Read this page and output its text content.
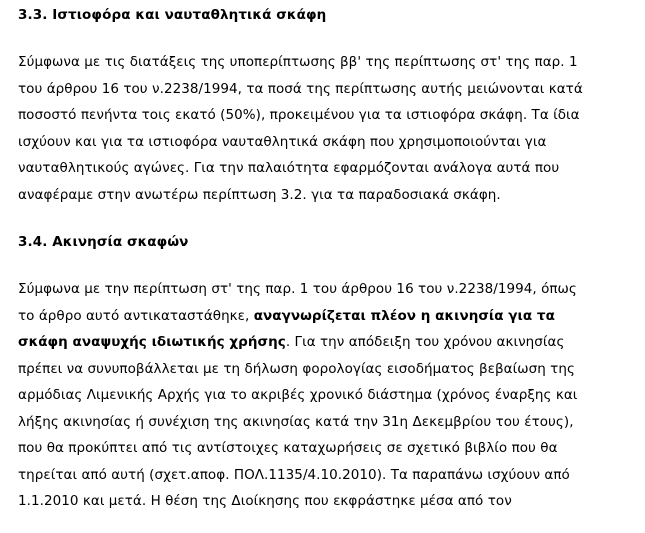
3.3. Ιστιοφόρα και ναυταθλητικά σκάφη
Σύμφωνα με τις διατάξεις της υποπερίπτωσης ββ' της περίπτωσης στ' της παρ. 1
του άρθρου 16 του ν.2238/1994, τα ποσά της περίπτωσης αυτής μειώνονται κατά
ποσοστό πενήντα τοις εκατό (50%), προκειμένου για τα ιστιοφόρα σκάφη. Τα ίδια
ισχύουν και για τα ιστιοφόρα ναυταθλητικά σκάφη που χρησιμοποιούνται για
ναυταθλητικούς αγώνες. Για την παλαιότητα εφαρμόζονται ανάλογα αυτά που
αναφέραμε στην ανωτέρω περίπτωση 3.2. για τα παραδοσιακά σκάφη.
3.4. Ακινησία σκαφών
Σύμφωνα με την περίπτωση στ' της παρ. 1 του άρθρου 16 του ν.2238/1994, όπως
το άρθρο αυτό αντικαταστάθηκε, αναγνωρίζεται πλέον η ακινησία για τα
σκάφη αναψυχής ιδιωτικής χρήσης. Για την απόδειξη του χρόνου ακινησίας
πρέπει να συνυποβάλλεται με τη δήλωση φορολογίας εισοδήματος βεβαίωση της
αρμόδιας Λιμενικής Αρχής για το ακριβές χρονικό διάστημα (χρόνος έναρξης και
λήξης ακινησίας ή συνέχιση της ακινησίας κατά την 31η Δεκεμβρίου του έτους),
που θα προκύπτει από τις αντίστοιχες καταχωρήσεις σε σχετικό βιβλίο που θα
τηρείται από αυτή (σχετ.αποφ. ΠΟΛ.1135/4.10.2010). Τα παραπάνω ισχύουν από
1.1.2010 και μετά. Η θέση της Διοίκησης που εκφράστηκε μέσα από τον
